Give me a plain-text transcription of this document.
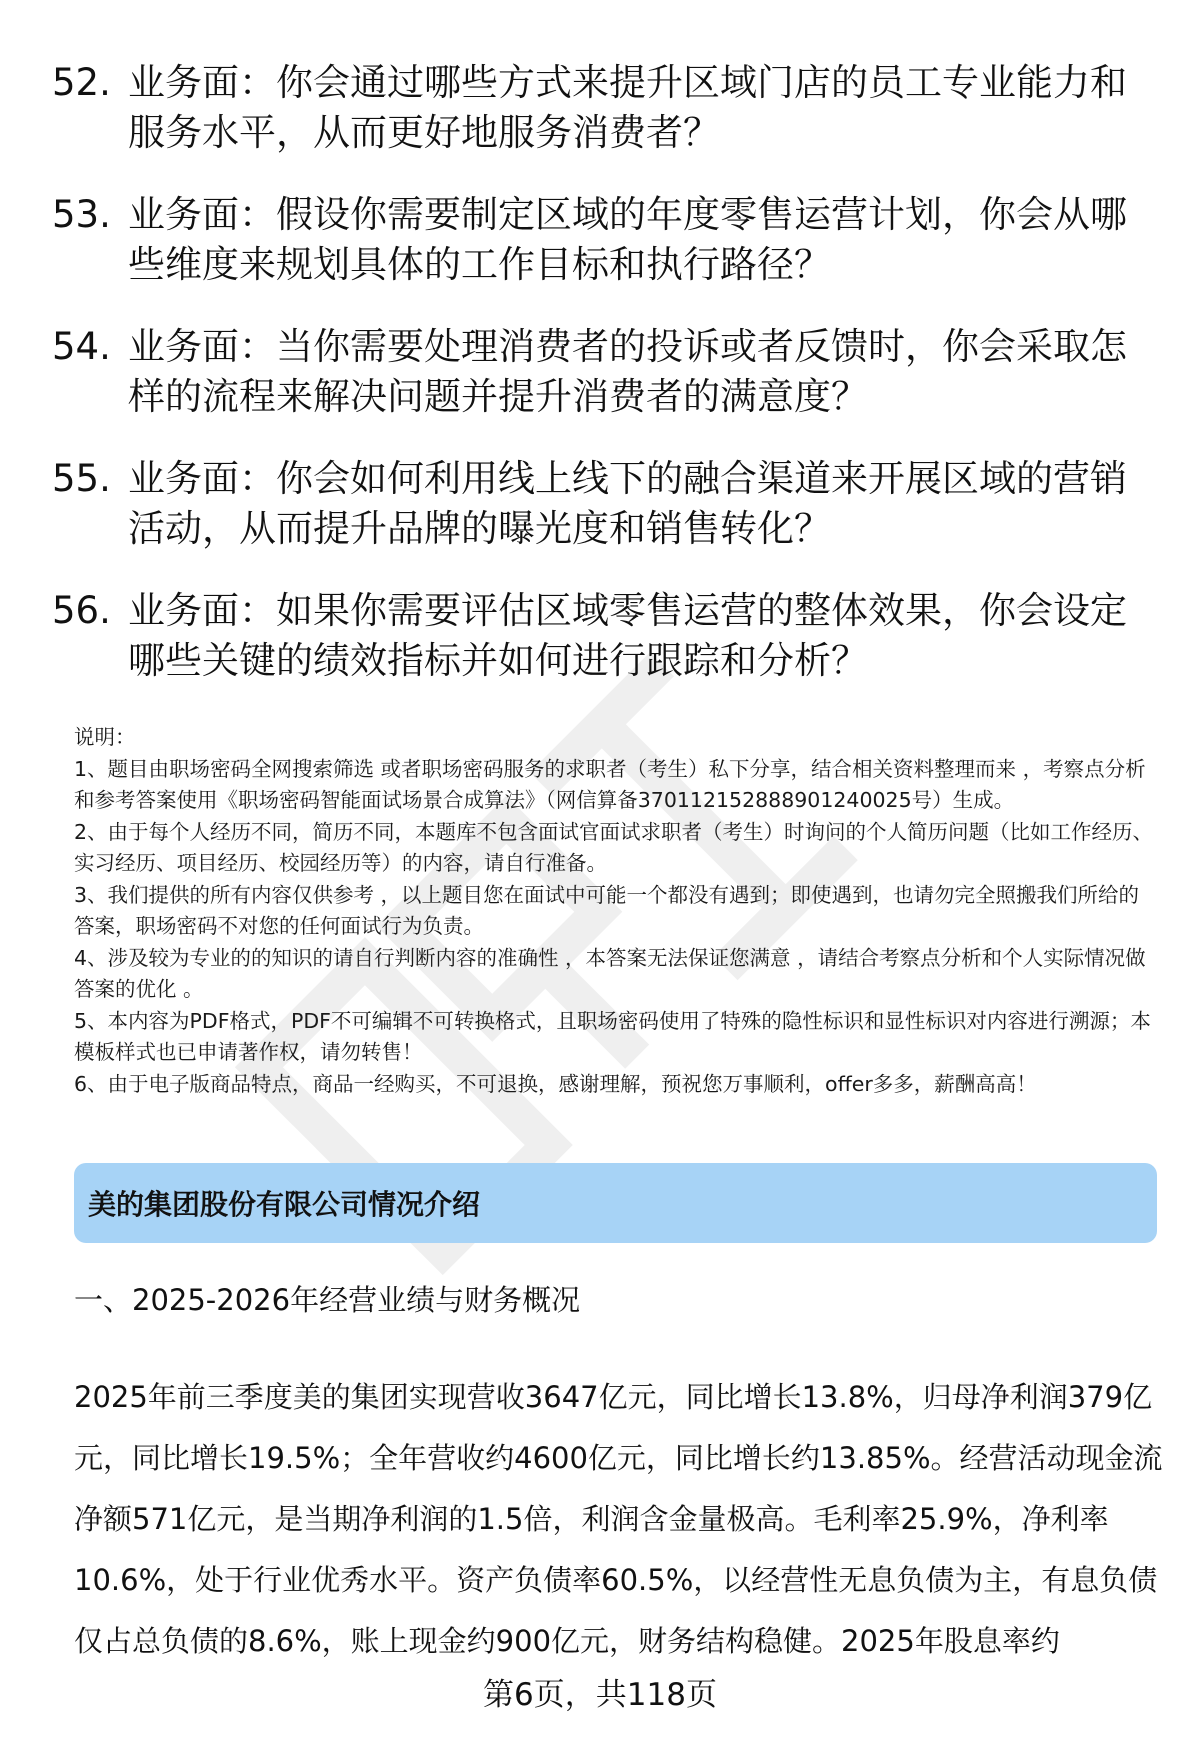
52. 业务面：你会通过哪些方式来提升区域门店的员工专业能力和服务水平，从而更好地服务消费者？
53. 业务面：假设你需要制定区域的年度零售运营计划，你会从哪些维度来规划具体的工作目标和执行路径？
54. 业务面：当你需要处理消费者的投诉或者反馈时，你会采取怎样的流程来解决问题并提升消费者的满意度？
55. 业务面：你会如何利用线上线下的融合渠道来开展区域的营销活动，从而提升品牌的曝光度和销售转化？
56. 业务面：如果你需要评估区域零售运营的整体效果，你会设定哪些关键的绩效指标并如何进行跟踪和分析？

说明：

1、题目由职场密码全网搜索筛选 或者职场密码服务的求职者（考生）私下分享，结合相关资料整理而来 ，考察点分析和参考答案使用《职场密码智能面试场景合成算法》（网信算备370112152888901240025号）生成。

2、由于每个人经历不同，简历不同，本题库不包含面试官面试求职者（考生）时询问的个人简历问题（比如工作经历、实习经历、项目经历、校园经历等）的内容，请自行准备。

3、我们提供的所有内容仅供参考 ，以上题目您在面试中可能一个都没有遇到；即使遇到，也请勿完全照搬我们所给的答案，职场密码不对您的任何面试行为负责。

4、涉及较为专业的的知识的请自行判断内容的准确性 ，本答案无法保证您满意 ，请结合考察点分析和个人实际情况做答案的优化 。

5、本内容为PDF格式，PDF不可编辑不可转换格式，且职场密码使用了特殊的隐性标识和显性标识对内容进行溯源；本模板样式也已申请著作权，请勿转售！

6、由于电子版商品特点，商品一经购买，不可退换，感谢理解，预祝您万事顺利，offer多多，薪酬高高！

美的集团股份有限公司情况介绍
一、2025-2026年经营业绩与财务概况
2025年前三季度美的集团实现营收3647亿元，同比增长13.8%，归母净利润379亿元，同比增长19.5%；全年营收约4600亿元，同比增长约13.85%。经营活动现金流净额571亿元，是当期净利润的1.5倍，利润含金量极高。毛利率25.9%，净利率10.6%，处于行业优秀水平。资产负债率60.5%，以经营性无息负债为主，有息负债仅占总负债的8.6%，账上现金约900亿元，财务结构稳健。2025年股息率约
第6页，共118页
